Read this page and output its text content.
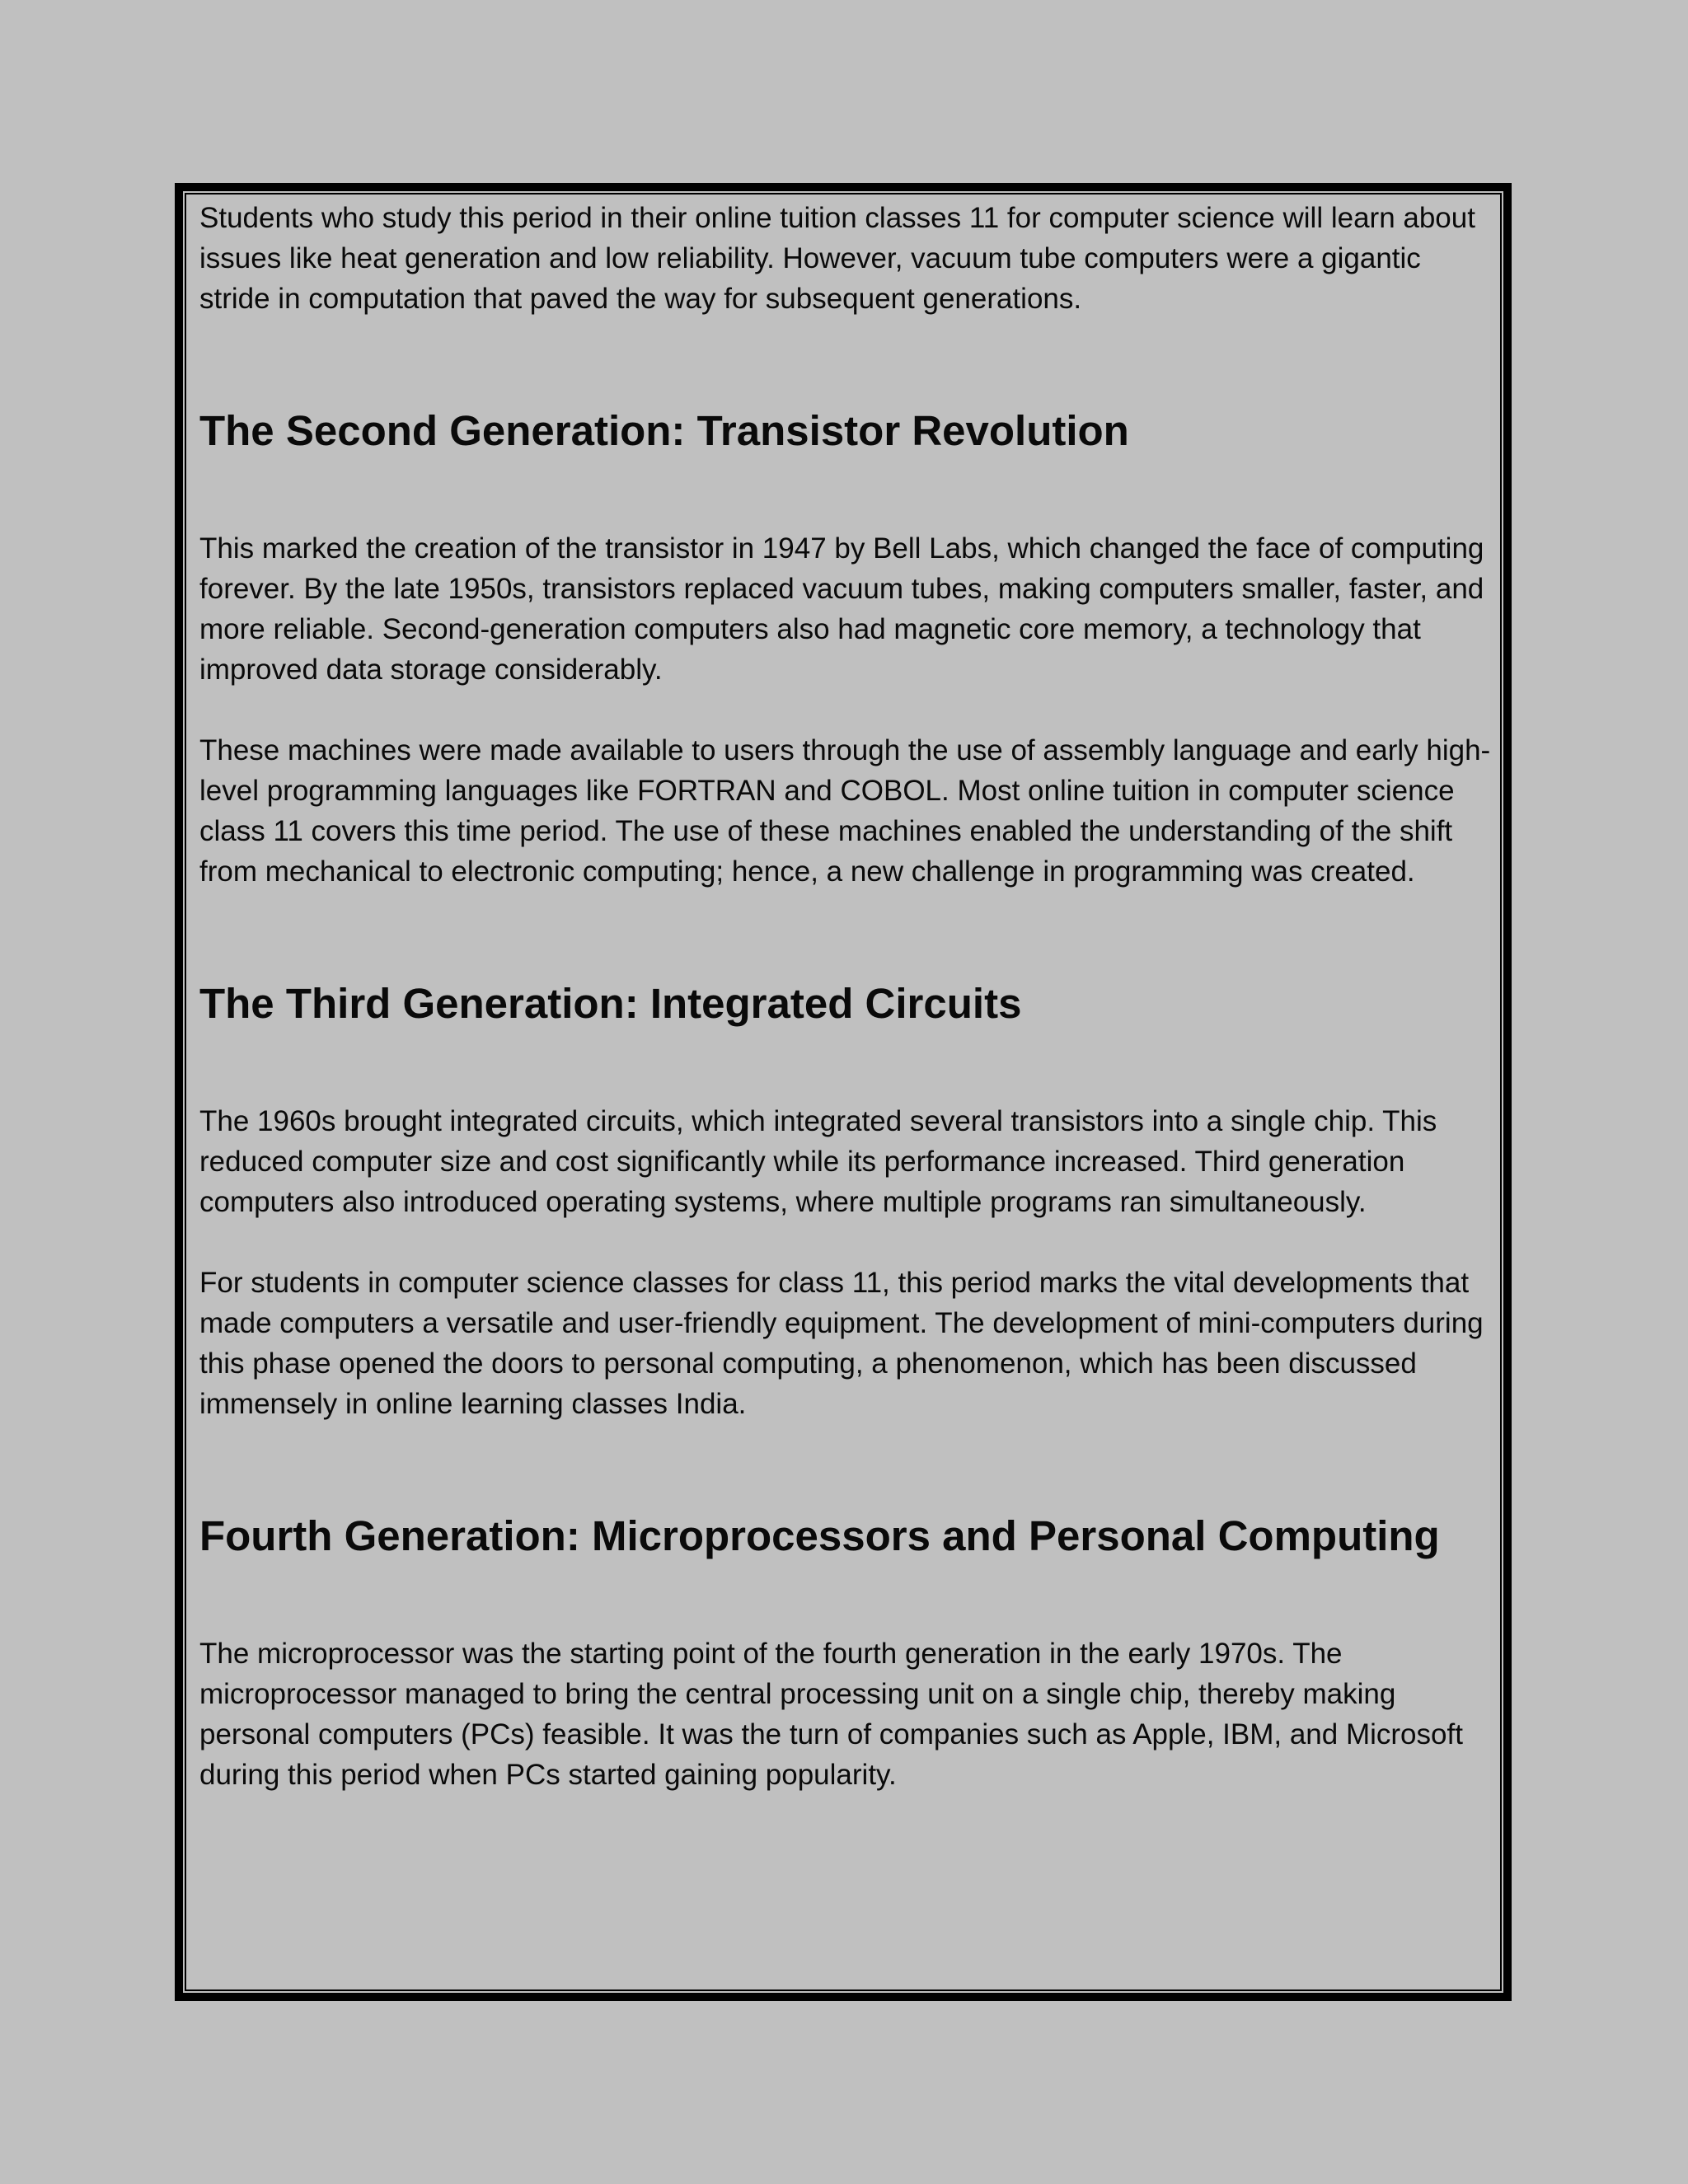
Students who study this period in their online tuition classes 11 for computer science will learn about issues like heat generation and low reliability. However, vacuum tube computers were a gigantic stride in computation that paved the way for subsequent generations.

The Second Generation: Transistor Revolution

This marked the creation of the transistor in 1947 by Bell Labs, which changed the face of computing forever. By the late 1950s, transistors replaced vacuum tubes, making computers smaller, faster, and more reliable. Second-generation computers also had magnetic core memory, a technology that improved data storage considerably.

These machines were made available to users through the use of assembly language and early high-level programming languages like FORTRAN and COBOL. Most online tuition in computer science class 11 covers this time period. The use of these machines enabled the understanding of the shift from mechanical to electronic computing; hence, a new challenge in programming was created.

The Third Generation: Integrated Circuits

The 1960s brought integrated circuits, which integrated several transistors into a single chip. This reduced computer size and cost significantly while its performance increased. Third generation computers also introduced operating systems, where multiple programs ran simultaneously.

For students in computer science classes for class 11, this period marks the vital developments that made computers a versatile and user-friendly equipment. The development of mini-computers during this phase opened the doors to personal computing, a phenomenon, which has been discussed immensely in online learning classes India.

Fourth Generation: Microprocessors and Personal Computing

The microprocessor was the starting point of the fourth generation in the early 1970s. The microprocessor managed to bring the central processing unit on a single chip, thereby making personal computers (PCs) feasible. It was the turn of companies such as Apple, IBM, and Microsoft during this period when PCs started gaining popularity.
